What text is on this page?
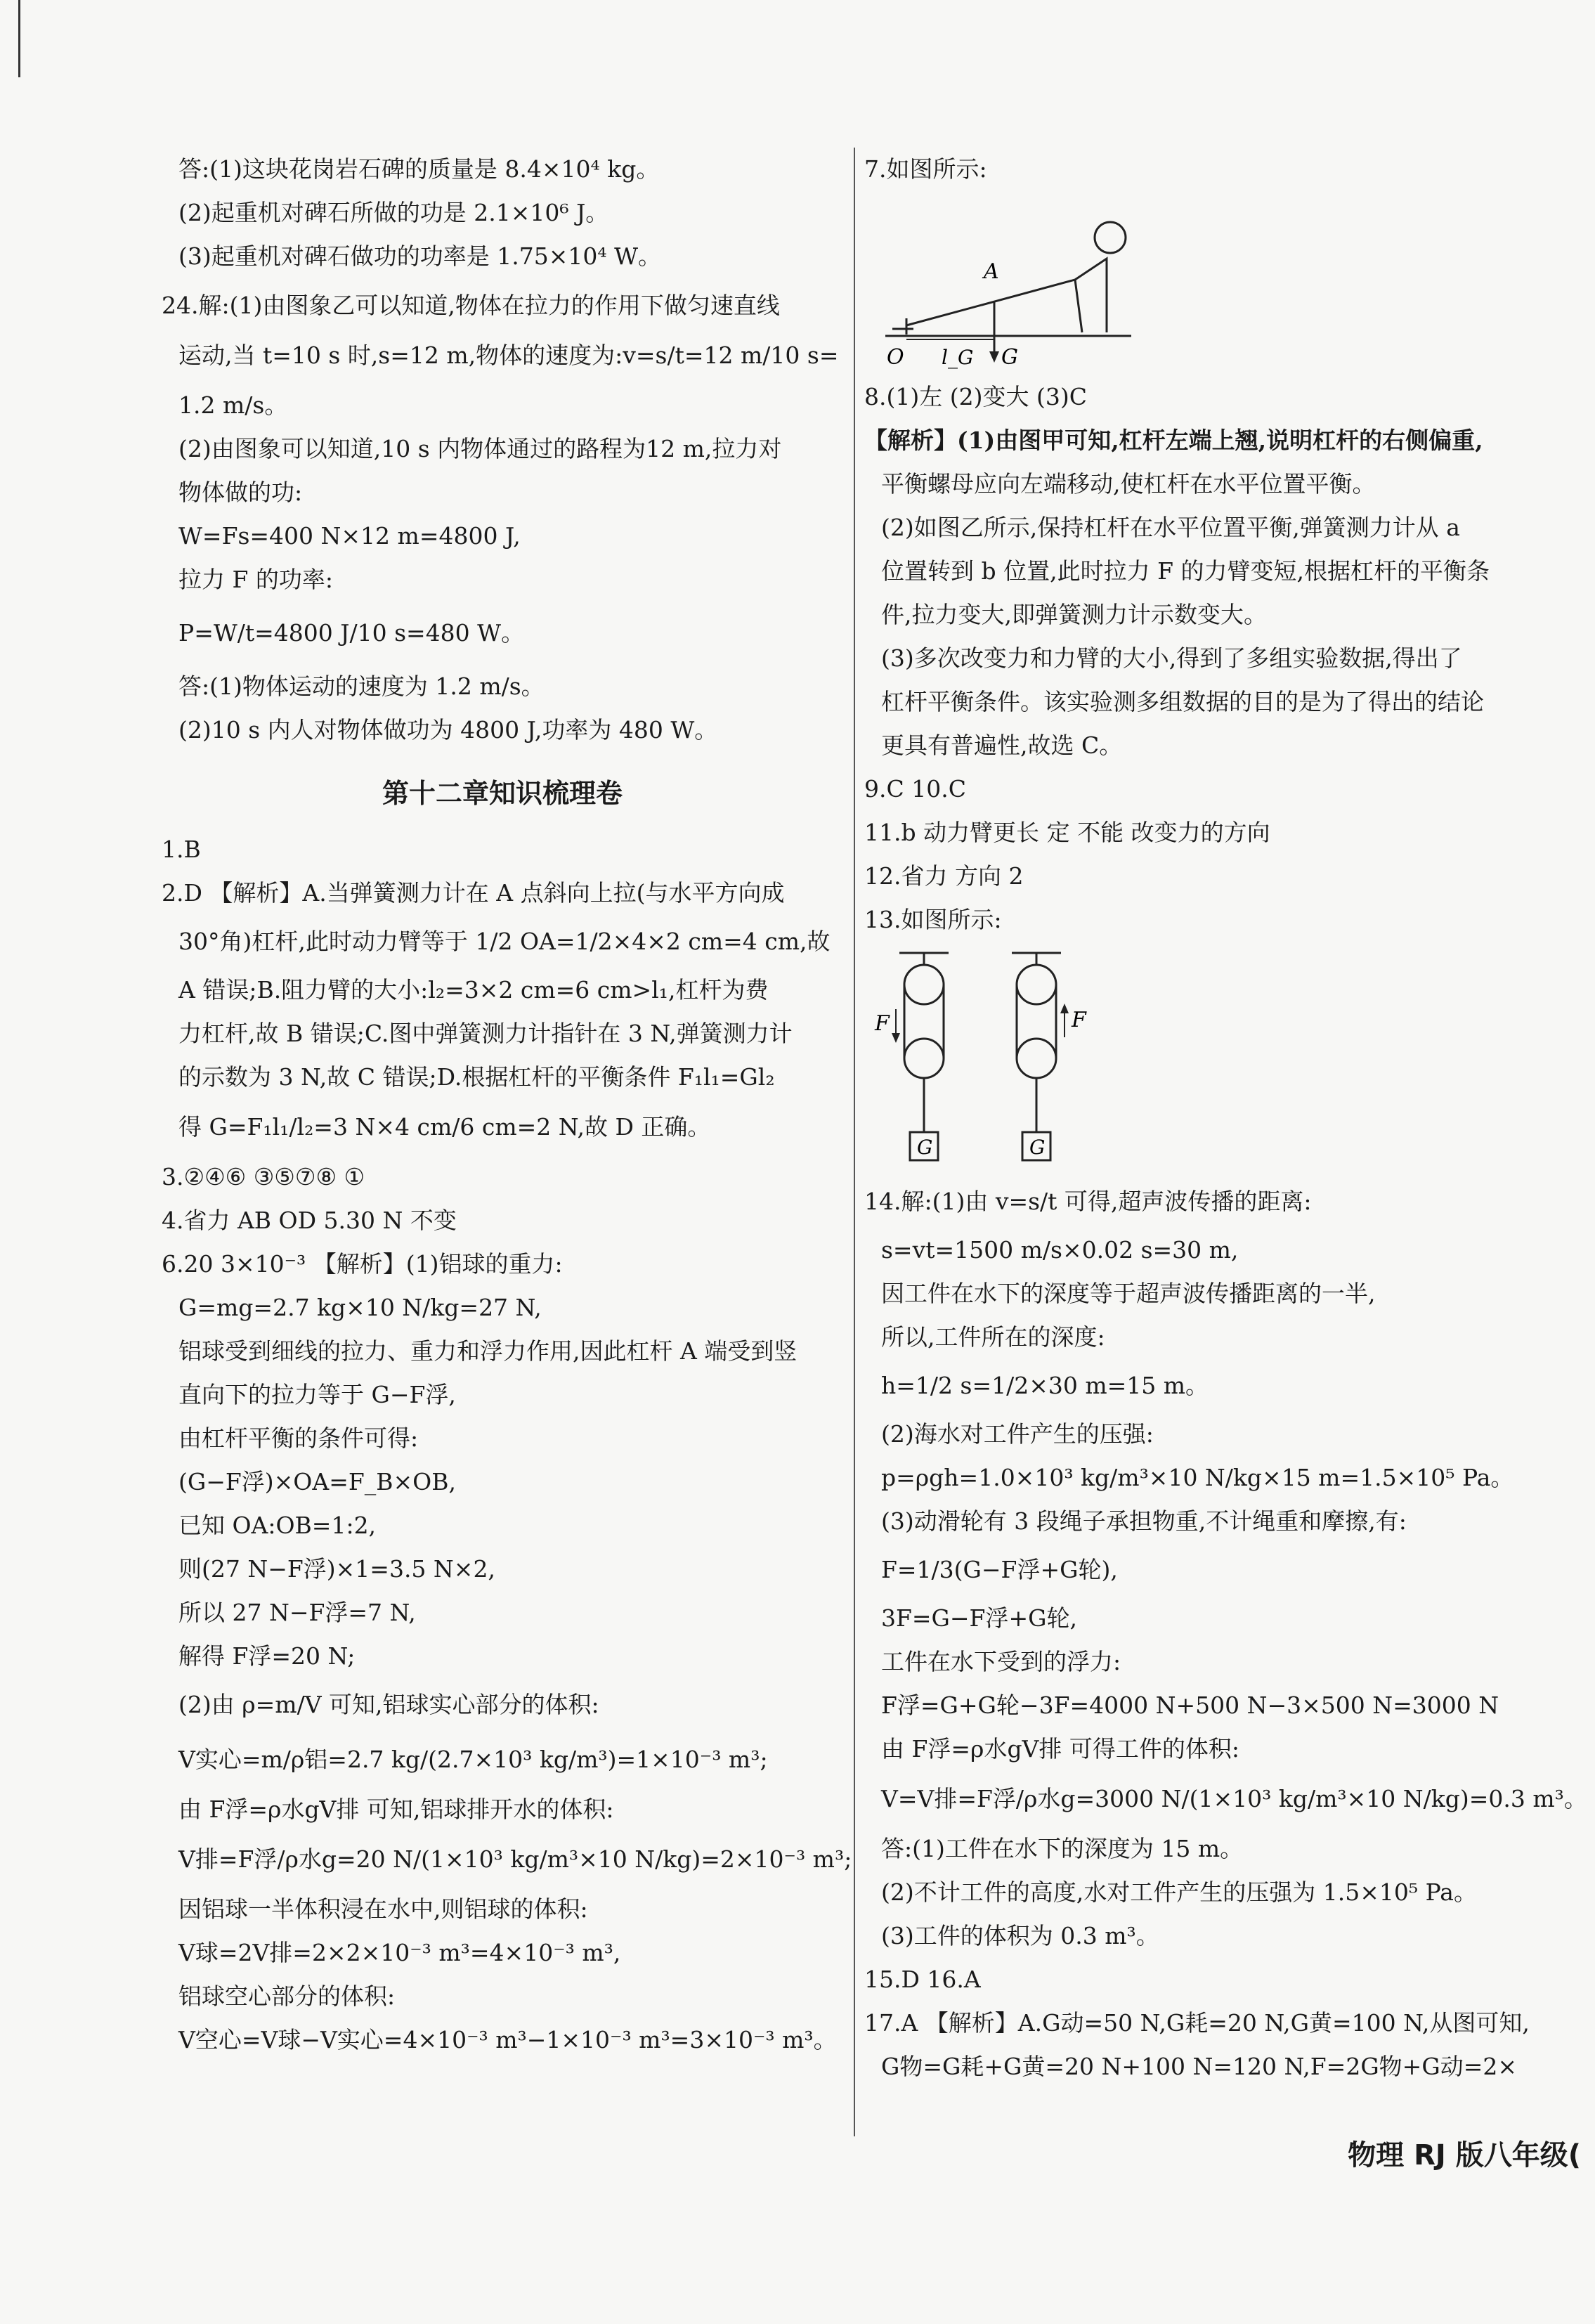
答:(1)这块花岗岩石碑的质量是 8.4×10⁴ kg。
(2)起重机对碑石所做的功是 2.1×10⁶ J。
(3)起重机对碑石做功的功率是 1.75×10⁴ W。
24.解:(1)由图象乙可以知道,物体在拉力的作用下做匀速直线
运动,当 t=10 s 时,s=12 m,物体的速度为:v=s/t=12 m/10 s=
1.2 m/s。
(2)由图象可以知道,10 s 内物体通过的路程为12 m,拉力对
物体做的功:
W=Fs=400 N×12 m=4800 J,
拉力 F 的功率:
P=W/t=4800 J/10 s=480 W。
答:(1)物体运动的速度为 1.2 m/s。
(2)10 s 内人对物体做功为 4800 J,功率为 480 W。
第十二章知识梳理卷
1.B
2.D 【解析】A.当弹簧测力计在 A 点斜向上拉(与水平方向成
30°角)杠杆,此时动力臂等于 1/2 OA=1/2×4×2 cm=4 cm,故
A 错误;B.阻力臂的大小:l₂=3×2 cm=6 cm>l₁,杠杆为费
力杠杆,故 B 错误;C.图中弹簧测力计指针在 3 N,弹簧测力计
的示数为 3 N,故 C 错误;D.根据杠杆的平衡条件 F₁l₁=Gl₂
得 G=F₁l₁/l₂=3 N×4 cm/6 cm=2 N,故 D 正确。
3.②④⑥ ③⑤⑦⑧ ①
4.省力 AB OD 5.30 N 不变
6.20 3×10⁻³ 【解析】(1)铝球的重力:
G=mg=2.7 kg×10 N/kg=27 N,
铝球受到细线的拉力、重力和浮力作用,因此杠杆 A 端受到竖
直向下的拉力等于 G−F浮,
由杠杆平衡的条件可得:
(G−F浮)×OA=F_B×OB,
已知 OA:OB=1:2,
则(27 N−F浮)×1=3.5 N×2,
所以 27 N−F浮=7 N,
解得 F浮=20 N;
(2)由 ρ=m/V 可知,铝球实心部分的体积:
V实心=m/ρ铝=2.7 kg/(2.7×10³ kg/m³)=1×10⁻³ m³;
由 F浮=ρ水gV排 可知,铝球排开水的体积:
V排=F浮/ρ水g=20 N/(1×10³ kg/m³×10 N/kg)=2×10⁻³ m³;
因铝球一半体积浸在水中,则铝球的体积:
V球=2V排=2×2×10⁻³ m³=4×10⁻³ m³,
铝球空心部分的体积:
V空心=V球−V实心=4×10⁻³ m³−1×10⁻³ m³=3×10⁻³ m³。
7.如图所示:
A
O l_G G
8.(1)左 (2)变大 (3)C
【解析】(1)由图甲可知,杠杆左端上翘,说明杠杆的右侧偏重,
平衡螺母应向左端移动,使杠杆在水平位置平衡。
(2)如图乙所示,保持杠杆在水平位置平衡,弹簧测力计从 a
位置转到 b 位置,此时拉力 F 的力臂变短,根据杠杆的平衡条
件,拉力变大,即弹簧测力计示数变大。
(3)多次改变力和力臂的大小,得到了多组实验数据,得出了
杠杆平衡条件。该实验测多组数据的目的是为了得出的结论
更具有普遍性,故选 C。
9.C 10.C
11.b 动力臂更长 定 不能 改变力的方向
12.省力 方向 2
13.如图所示:
F	F
G	G
14.解:(1)由 v=s/t 可得,超声波传播的距离:
s=vt=1500 m/s×0.02 s=30 m,
因工件在水下的深度等于超声波传播距离的一半,
所以,工件所在的深度:
h=1/2 s=1/2×30 m=15 m。
(2)海水对工件产生的压强:
p=ρgh=1.0×10³ kg/m³×10 N/kg×15 m=1.5×10⁵ Pa。
(3)动滑轮有 3 段绳子承担物重,不计绳重和摩擦,有:
F=1/3(G−F浮+G轮),
3F=G−F浮+G轮,
工件在水下受到的浮力:
F浮=G+G轮−3F=4000 N+500 N−3×500 N=3000 N
由 F浮=ρ水gV排 可得工件的体积:
V=V排=F浮/ρ水g=3000 N/(1×10³ kg/m³×10 N/kg)=0.3 m³。
答:(1)工件在水下的深度为 15 m。
(2)不计工件的高度,水对工件产生的压强为 1.5×10⁵ Pa。
(3)工件的体积为 0.3 m³。
15.D 16.A
17.A 【解析】A.G动=50 N,G耗=20 N,G黄=100 N,从图可知,
G物=G耗+G黄=20 N+100 N=120 N,F=2G物+G动=2×
物理 RJ 版八年级(
